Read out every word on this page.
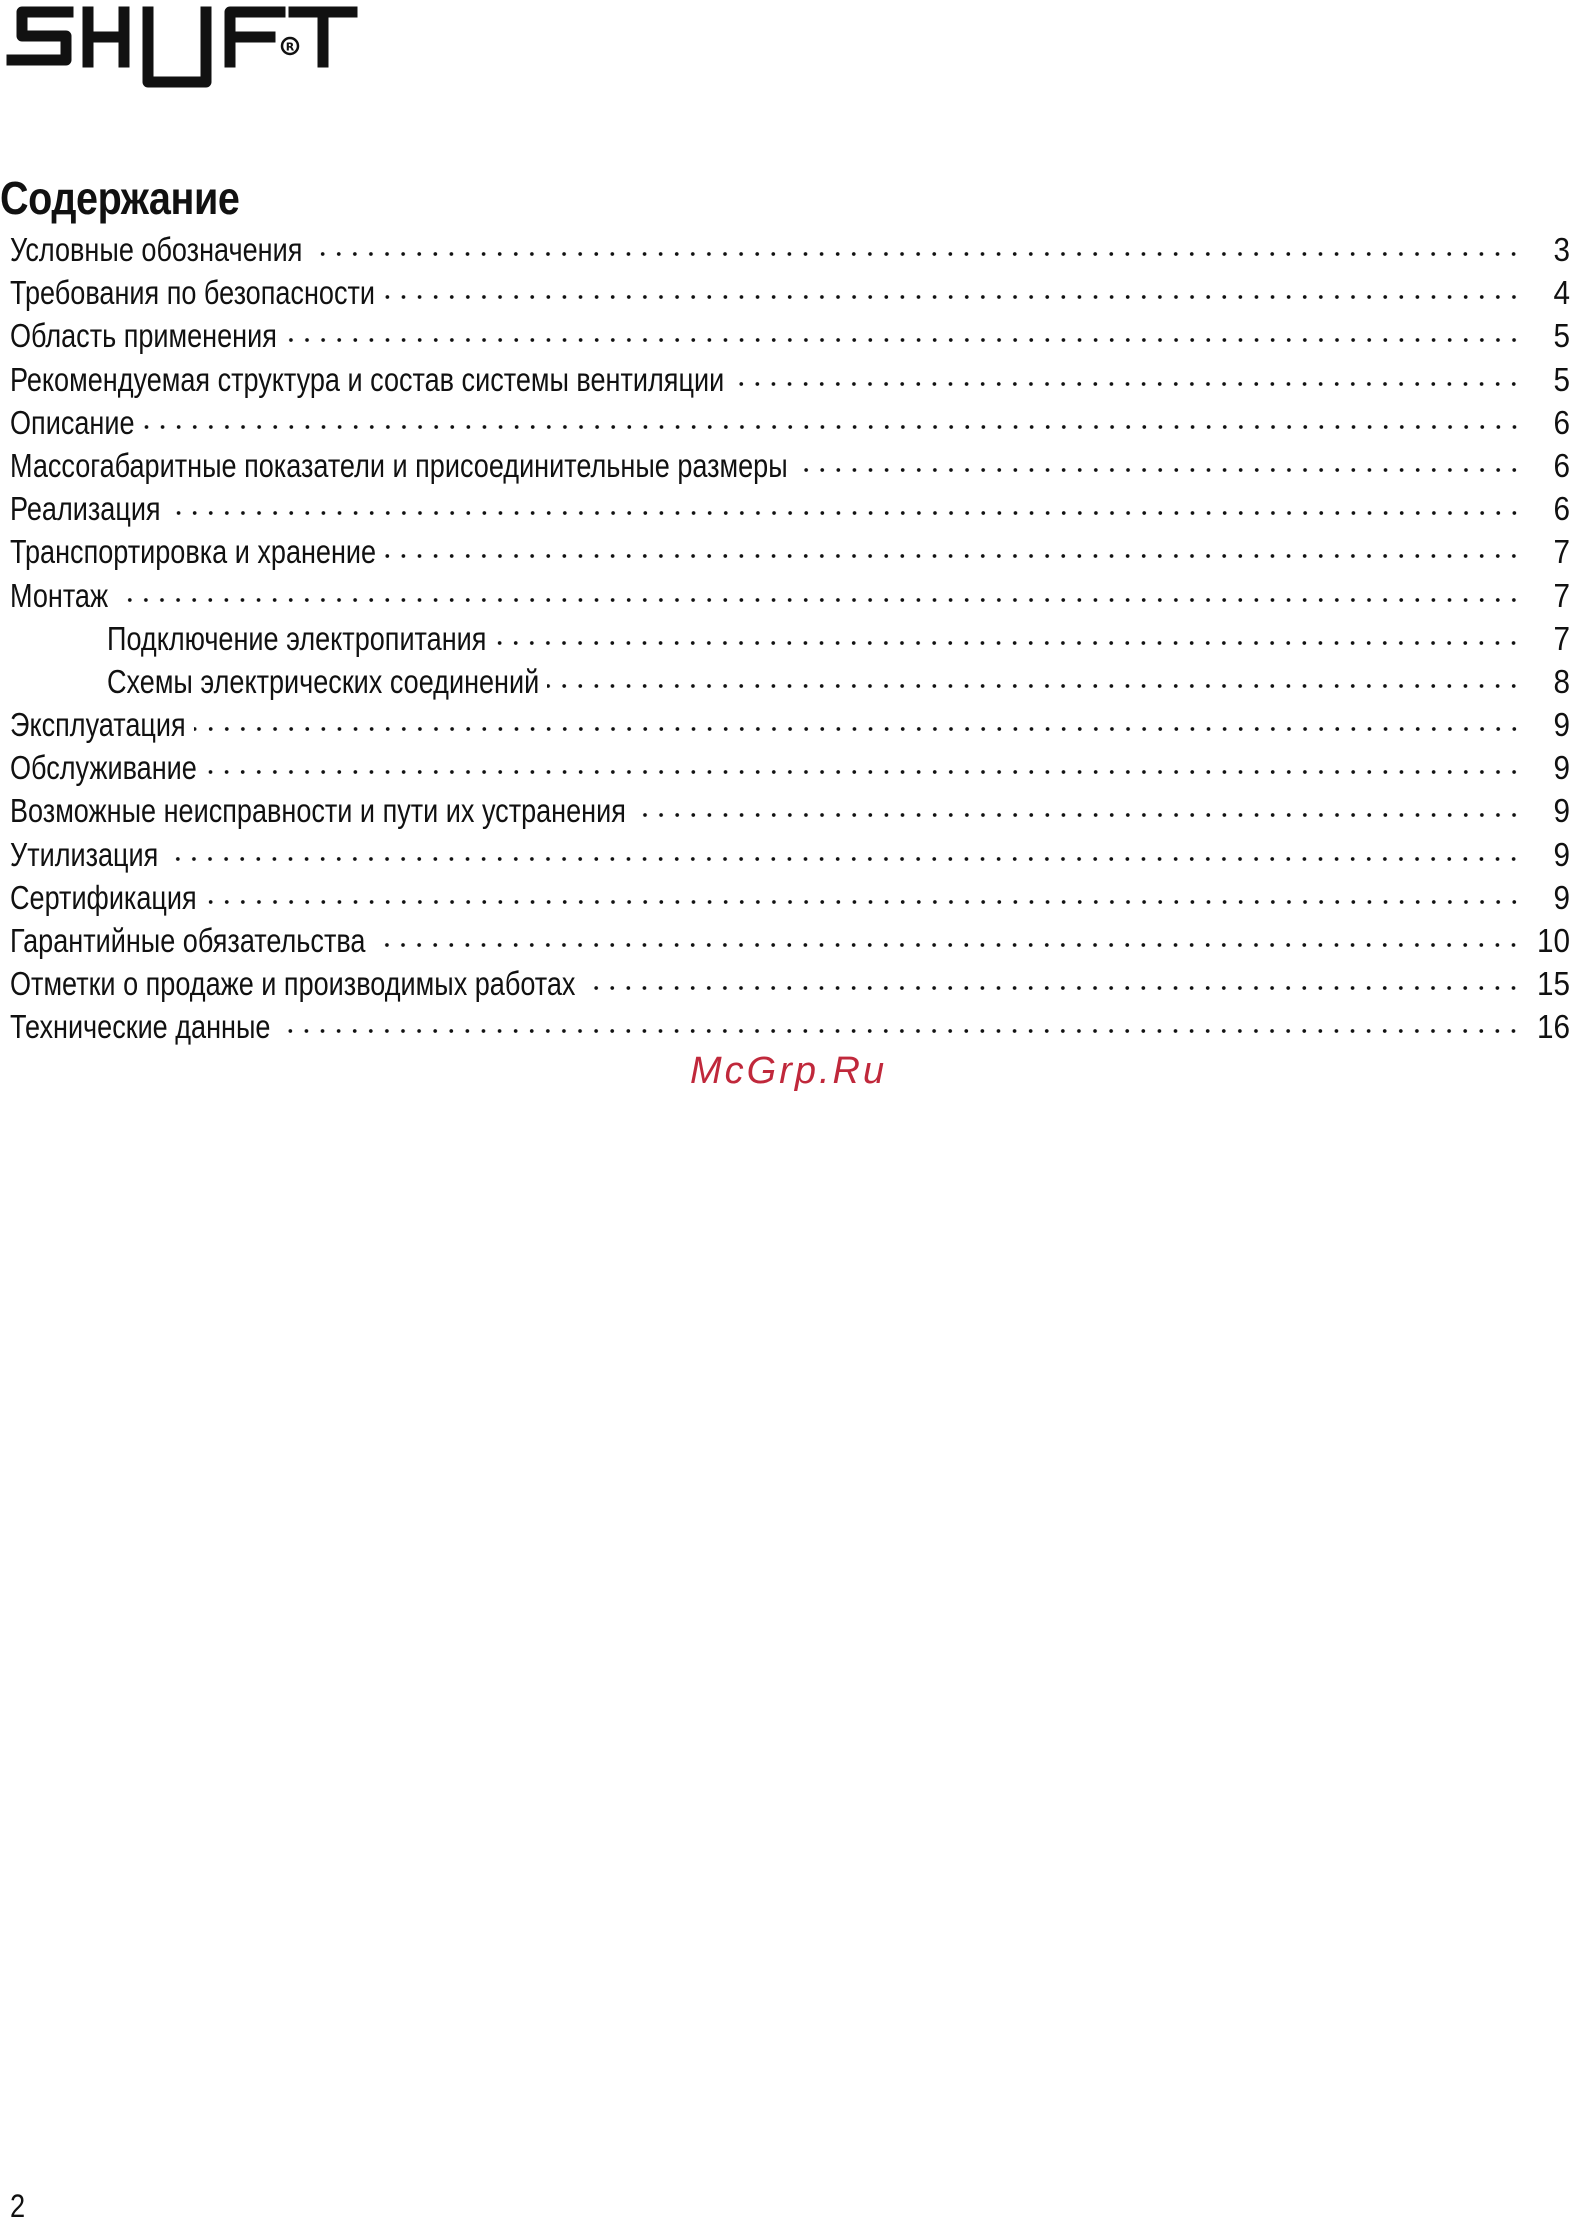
R
Содержание
Условные обозначения	3
Требования по безопасности	4
Область применения	5
Рекомендуемая структура и состав системы вентиляции	5
Описание	6
Массогабаритные показатели и присоединительные размеры	6
Реализация	6
Транспортировка и хранение	7
Монтаж	7
Подключение электропитания	7
Схемы электрических соединений	8
Эксплуатация	9
Обслуживание	9
Возможные неисправности и пути их устранения	9
Утилизация	9
Сертификация	9
Гарантийные обязательства	10
Отметки о продаже и производимых работах	15
Технические данные	16
McGrp.Ru
2
